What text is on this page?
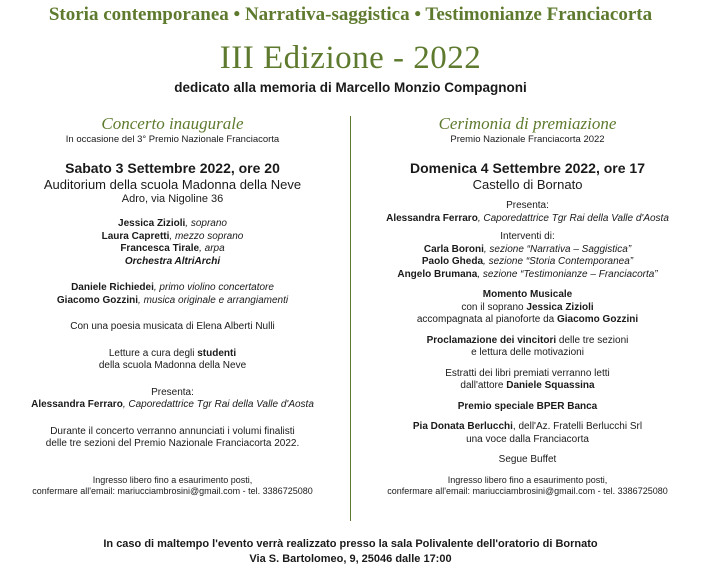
Storia contemporanea • Narrativa-saggistica • Testimonianze Franciacorta
III Edizione - 2022
dedicato alla memoria di Marcello Monzio Compagnoni
Concerto inaugurale
In occasione del 3° Premio Nazionale Franciacorta
Sabato 3 Settembre 2022, ore 20
Auditorium della scuola Madonna della Neve
Adro, via Nigoline 36
Jessica Zizioli, soprano
Laura Capretti, mezzo soprano
Francesca Tirale, arpa
Orchestra AltriArchi
Daniele Richiedei, primo violino concertatore
Giacomo Gozzini, musica originale e arrangiamenti
Con una poesia musicata di Elena Alberti Nulli
Letture a cura degli studenti
della scuola Madonna della Neve
Presenta:
Alessandra Ferraro, Caporedattrice Tgr Rai della Valle d'Aosta
Durante il concerto verranno annunciati i volumi finalisti
delle tre sezioni del Premio Nazionale Franciacorta 2022.
Ingresso libero fino a esaurimento posti,
confermare all'email: mariucciambrosini@gmail.com - tel. 3386725080
Cerimonia di premiazione
Premio Nazionale Franciacorta 2022
Domenica 4 Settembre 2022, ore 17
Castello di Bornato
Presenta:
Alessandra Ferraro, Caporedattrice Tgr Rai della Valle d'Aosta
Interventi di:
Carla Boroni, sezione “Narrativa – Saggistica”
Paolo Gheda, sezione “Storia Contemporanea”
Angelo Brumana, sezione “Testimonianze – Franciacorta”
Momento Musicale
con il soprano Jessica Zizioli
accompagnata al pianoforte da Giacomo Gozzini
Proclamazione dei vincitori delle tre sezioni
e lettura delle motivazioni
Estratti dei libri premiati verranno letti
dall'attore Daniele Squassina
Premio speciale BPER Banca
Pia Donata Berlucchi, dell'Az. Fratelli Berlucchi Srl
una voce dalla Franciacorta
Segue Buffet
Ingresso libero fino a esaurimento posti,
confermare all'email: mariucciambrosini@gmail.com - tel. 3386725080
In caso di maltempo l'evento verrà realizzato presso la sala Polivalente dell'oratorio di Bornato
Via S. Bartolomeo, 9, 25046 dalle 17:00
